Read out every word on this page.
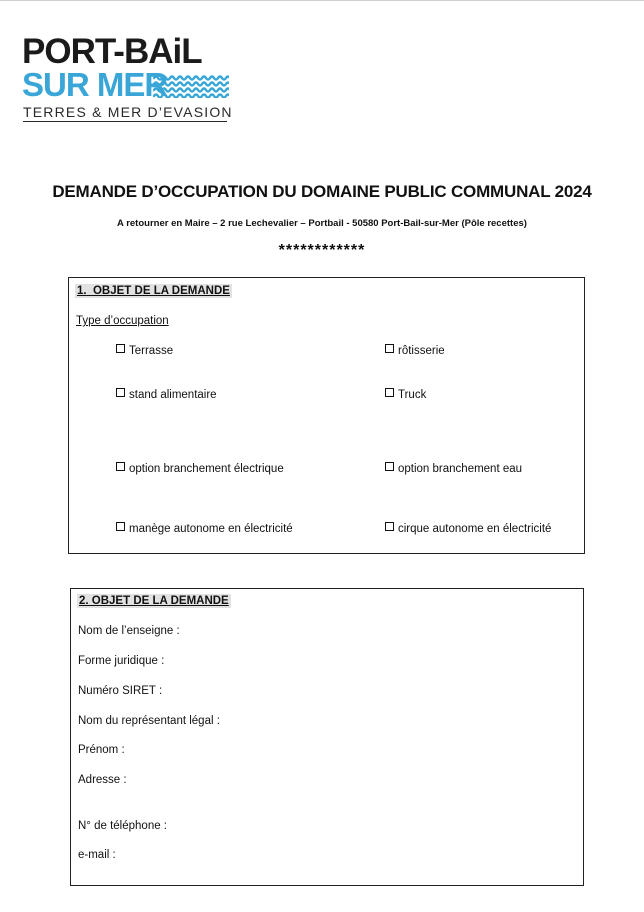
PORT-BAiL
SUR MER
TERRES & MER D’EVASION
DEMANDE D’OCCUPATION DU DOMAINE PUBLIC COMMUNAL 2024
A retourner en Maire – 2 rue Lechevalier – Portbail - 50580 Port-Bail-sur-Mer (Pôle recettes)
************
1. OBJET DE LA DEMANDE
Type d’occupation
Terrasse	rôtisserie
stand alimentaire	Truck
option branchement électrique	option branchement eau
manège autonome en électricité	cirque autonome en électricité
2. OBJET DE LA DEMANDE
Nom de l’enseigne :
Forme juridique :
Numéro SIRET :
Nom du représentant légal :
Prénom :
Adresse :
N° de téléphone :
e-mail :
